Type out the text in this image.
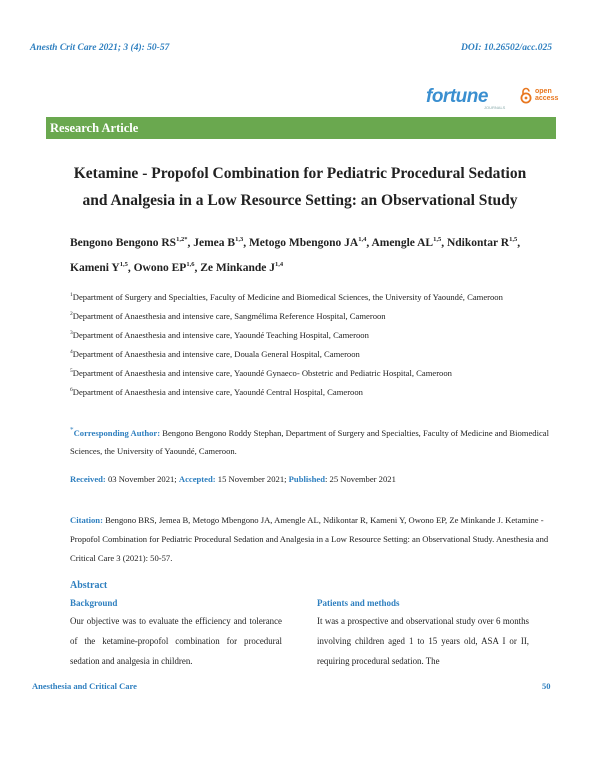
Anesth Crit Care 2021; 3 (4): 50-57	DOI: 10.26502/acc.025
fortune
JOURNALS
open
access
Research Article
Ketamine - Propofol Combination for Pediatric Procedural Sedation
and Analgesia in a Low Resource Setting: an Observational Study
Bengono Bengono $RS^{1,2*}$, Jemea B$^{1,3}$, Metogo Mbengono JA$^{1,4}$, Amengle AL$^{1,5}$, Ndikontar R$^{1,5}$, Kameni Y$^{1,5}$, Owono EP$^{1,6}$, Ze Minkande J$^{1,4}$
$^1$Department of Surgery and Specialties, Faculty of Medicine and Biomedical Sciences, the University of Yaoundé, Cameroon
$^2$Department of Anaesthesia and intensive care, Sangmélima Reference Hospital, Cameroon
$^3$Department of Anaesthesia and intensive care, Yaoundé Teaching Hospital, Cameroon
$^4$Department of Anaesthesia and intensive care, Douala General Hospital, Cameroon
$^5$Department of Anaesthesia and intensive care, Yaoundé Gynaeco- Obstetric and Pediatric Hospital, Cameroon
$^6$Department of Anaesthesia and intensive care, Yaoundé Central Hospital, Cameroon
*Corresponding Author: Bengono Bengono Roddy Stephan, Department of Surgery and Specialties, Faculty of Medicine and Biomedical Sciences, the University of Yaoundé, Cameroon.
Received: 03 November 2021; Accepted: 15 November 2021; Published: 25 November 2021
Citation: Bengono BRS, Jemea B, Metogo Mbengono JA, Amengle AL, Ndikontar R, Kameni Y, Owono EP, Ze Minkande J. Ketamine - Propofol Combination for Pediatric Procedural Sedation and Analgesia in a Low Resource Setting: an Observational Study. Anesthesia and Critical Care 3 (2021): 50-57.
Abstract
Background

Our objective was to evaluate the efficiency and tolerance of the ketamine-propofol combination for procedural sedation and analgesia in children.

Patients and methods

It was a prospective and observational study over 6 months involving children aged 1 to 15 years old, ASA I or II, requiring procedural sedation. The

Anesthesia and Critical Care	50
